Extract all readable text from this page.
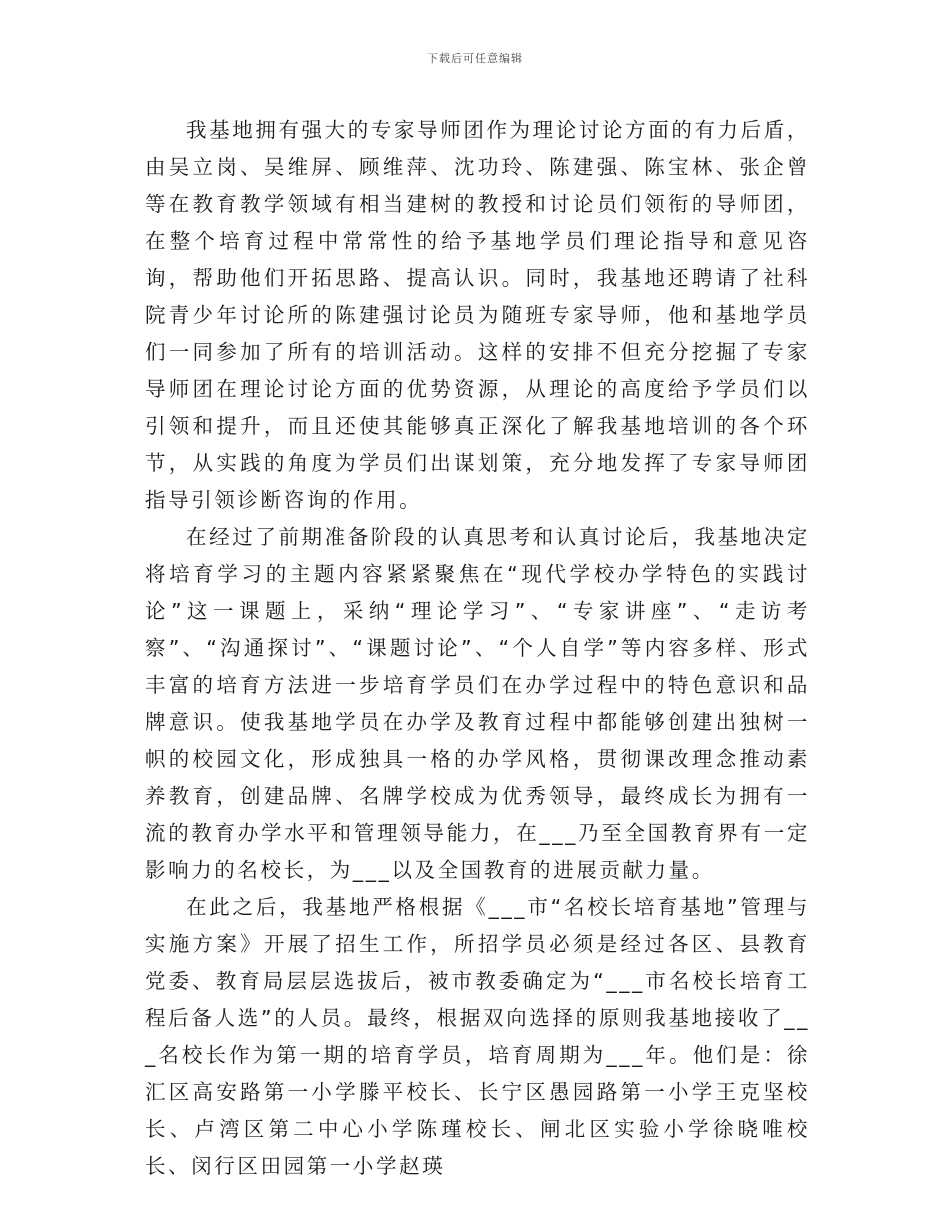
下载后可任意编辑

我基地拥有强大的专家导师团作为理论讨论方面的有力后盾，由吴立岗、吴维屏、顾维萍、沈功玲、陈建强、陈宝林、张企曾等在教育教学领域有相当建树的教授和讨论员们领衔的导师团，在整个培育过程中常常性的给予基地学员们理论指导和意见咨询，帮助他们开拓思路、提高认识。同时，我基地还聘请了社科院青少年讨论所的陈建强讨论员为随班专家导师，他和基地学员们一同参加了所有的培训活动。这样的安排不但充分挖掘了专家导师团在理论讨论方面的优势资源，从理论的高度给予学员们以引领和提升，而且还使其能够真正深化了解我基地培训的各个环节，从实践的角度为学员们出谋划策，充分地发挥了专家导师团指导引领诊断咨询的作用。

在经过了前期准备阶段的认真思考和认真讨论后，我基地决定将培育学习的主题内容紧紧聚焦在“现代学校办学特色的实践讨论”这一课题上，采纳“理论学习”、“专家讲座”、“走访考察”、“沟通探讨”、“课题讨论”、“个人自学”等内容多样、形式丰富的培育方法进一步培育学员们在办学过程中的特色意识和品牌意识。使我基地学员在办学及教育过程中都能够创建出独树一帜的校园文化，形成独具一格的办学风格，贯彻课改理念推动素养教育，创建品牌、名牌学校成为优秀领导，最终成长为拥有一流的教育办学水平和管理领导能力，在___乃至全国教育界有一定影响力的名校长，为___以及全国教育的进展贡献力量。

在此之后，我基地严格根据《___市“名校长培育基地”管理与实施方案》开展了招生工作，所招学员必须是经过各区、县教育党委、教育局层层选拔后，被市教委确定为“___市名校长培育工程后备人选”的人员。最终，根据双向选择的原则我基地接收了___名校长作为第一期的培育学员，培育周期为___年。他们是：徐汇区高安路第一小学滕平校长、长宁区愚园路第一小学王克坚校长、卢湾区第二中心小学陈瑾校长、闸北区实验小学徐晓唯校长、闵行区田园第一小学赵瑛
